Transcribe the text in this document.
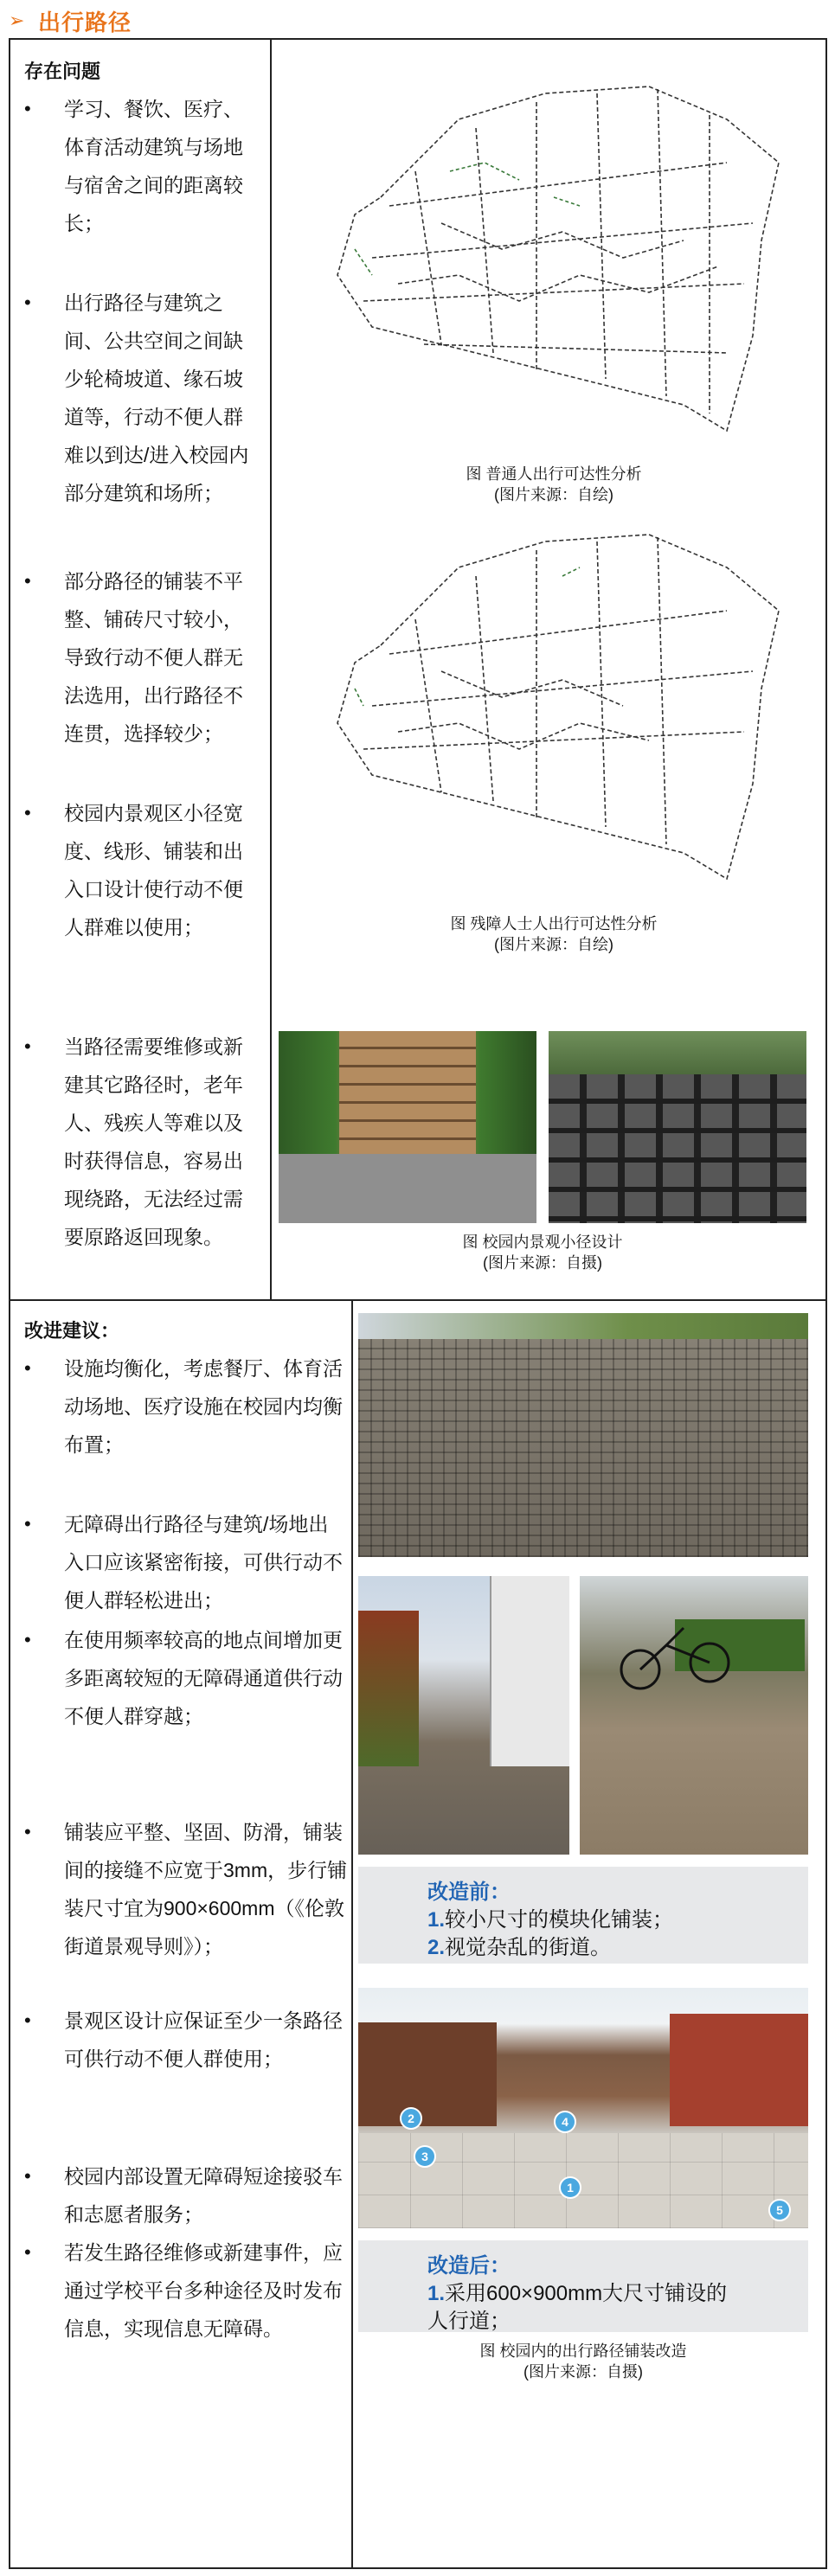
➢ 出行路径
存在问题
• 学习、餐饮、医疗、体育活动建筑与场地与宿舍之间的距离较长；
• 出行路径与建筑之间、公共空间之间缺少轮椅坡道、缘石坡道等，行动不便人群难以到达/进入校园内部分建筑和场所；
• 部分路径的铺装不平整、铺砖尺寸较小，导致行动不便人群无法选用，出行路径不连贯，选择较少；
• 校园内景观区小径宽度、线形、铺装和出入口设计使行动不便人群难以使用；
• 当路径需要维修或新建其它路径时，老年人、残疾人等难以及时获得信息，容易出现绕路，无法经过需要原路返回现象。
图 普通人出行可达性分析
(图片来源：自绘)
图 残障人士人出行可达性分析
(图片来源：自绘)
图 校园内景观小径设计
(图片来源：自摄)
改进建议：
• 设施均衡化，考虑餐厅、体育活动场地、医疗设施在校园内均衡布置；
• 无障碍出行路径与建筑/场地出入口应该紧密衔接，可供行动不便人群轻松进出；
• 在使用频率较高的地点间增加更多距离较短的无障碍通道供行动不便人群穿越；
• 铺装应平整、坚固、防滑，铺装间的接缝不应宽于3mm，步行铺装尺寸宜为900×600mm（《伦敦街道景观导则》）；
• 景观区设计应保证至少一条路径可供行动不便人群使用；
• 校园内部设置无障碍短途接驳车和志愿者服务；
• 若发生路径维修或新建事件，应通过学校平台多种途径及时发布信息，实现信息无障碍。
改造前：
1.较小尺寸的模块化铺装；
2.视觉杂乱的街道。
1
2
3
4
5
改造后：
1.采用600×900mm大尺寸铺设的人行道；
图 校园内的出行路径铺装改造
(图片来源：自摄)
